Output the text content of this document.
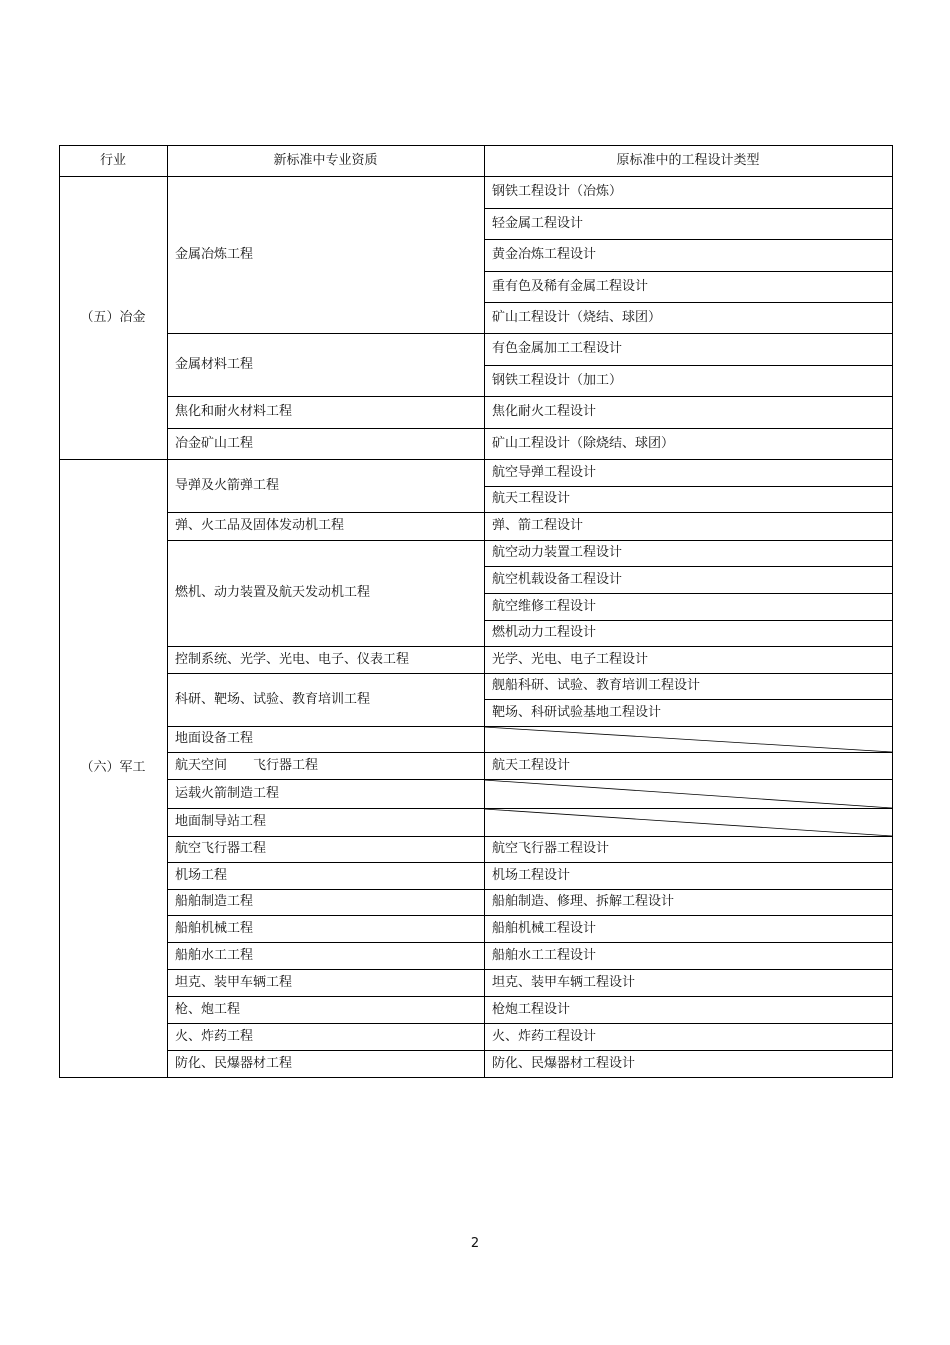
行业	新标准中专业资质	原标准中的工程设计类型
钢铁工程设计（冶炼）
轻金属工程设计
黄金冶炼工程设计
重有色及稀有金属工程设计
矿山工程设计（烧结、球团）
金属冶炼工程
有色金属加工工程设计
钢铁工程设计（加工）
金属材料工程
焦化耐火工程设计
焦化和耐火材料工程
矿山工程设计（除烧结、球团）
冶金矿山工程
（五）冶金
航空导弹工程设计
航天工程设计
导弹及火箭弹工程
弹、箭工程设计
弹、火工品及固体发动机工程
航空动力装置工程设计
航空机载设备工程设计
航空维修工程设计
燃机动力工程设计
燃机、动力装置及航天发动机工程
光学、光电、电子工程设计
控制系统、光学、光电、电子、仪表工程
舰船科研、试验、教育培训工程设计
靶场、科研试验基地工程设计
科研、靶场、试验、教育培训工程
地面设备工程
航天工程设计
航天空间　　飞行器工程
运载火箭制造工程
地面制导站工程
航空飞行器工程设计
航空飞行器工程
机场工程设计
机场工程
船舶制造、修理、拆解工程设计
船舶制造工程
船舶机械工程设计
船舶机械工程
船舶水工工程设计
船舶水工工程
坦克、装甲车辆工程设计
坦克、装甲车辆工程
枪炮工程设计
枪、炮工程
火、炸药工程设计
火、炸药工程
防化、民爆器材工程设计
防化、民爆器材工程
（六）军工
2
